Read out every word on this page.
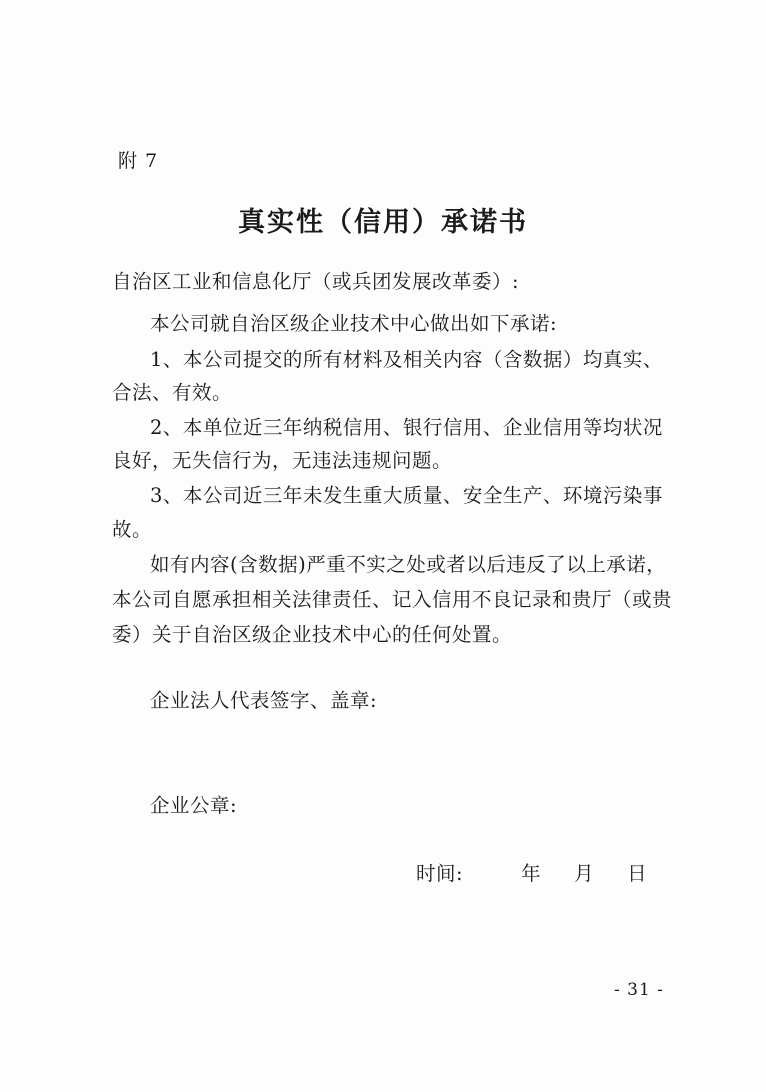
附 7
真实性（信用）承诺书
自治区工业和信息化厅（或兵团发展改革委）:
本公司就自治区级企业技术中心做出如下承诺:
1、本公司提交的所有材料及相关内容（含数据）均真实、
合法、有效。
2、本单位近三年纳税信用、银行信用、企业信用等均状况
良好，无失信行为，无违法违规问题。
3、本公司近三年未发生重大质量、安全生产、环境污染事
故。
如有内容(含数据)严重不实之处或者以后违反了以上承诺，
本公司自愿承担相关法律责任、记入信用不良记录和贵厅（或贵
委）关于自治区级企业技术中心的任何处置。
企业法人代表签字、盖章:
企业公章:
时间:	年 月 日
- 31 -
